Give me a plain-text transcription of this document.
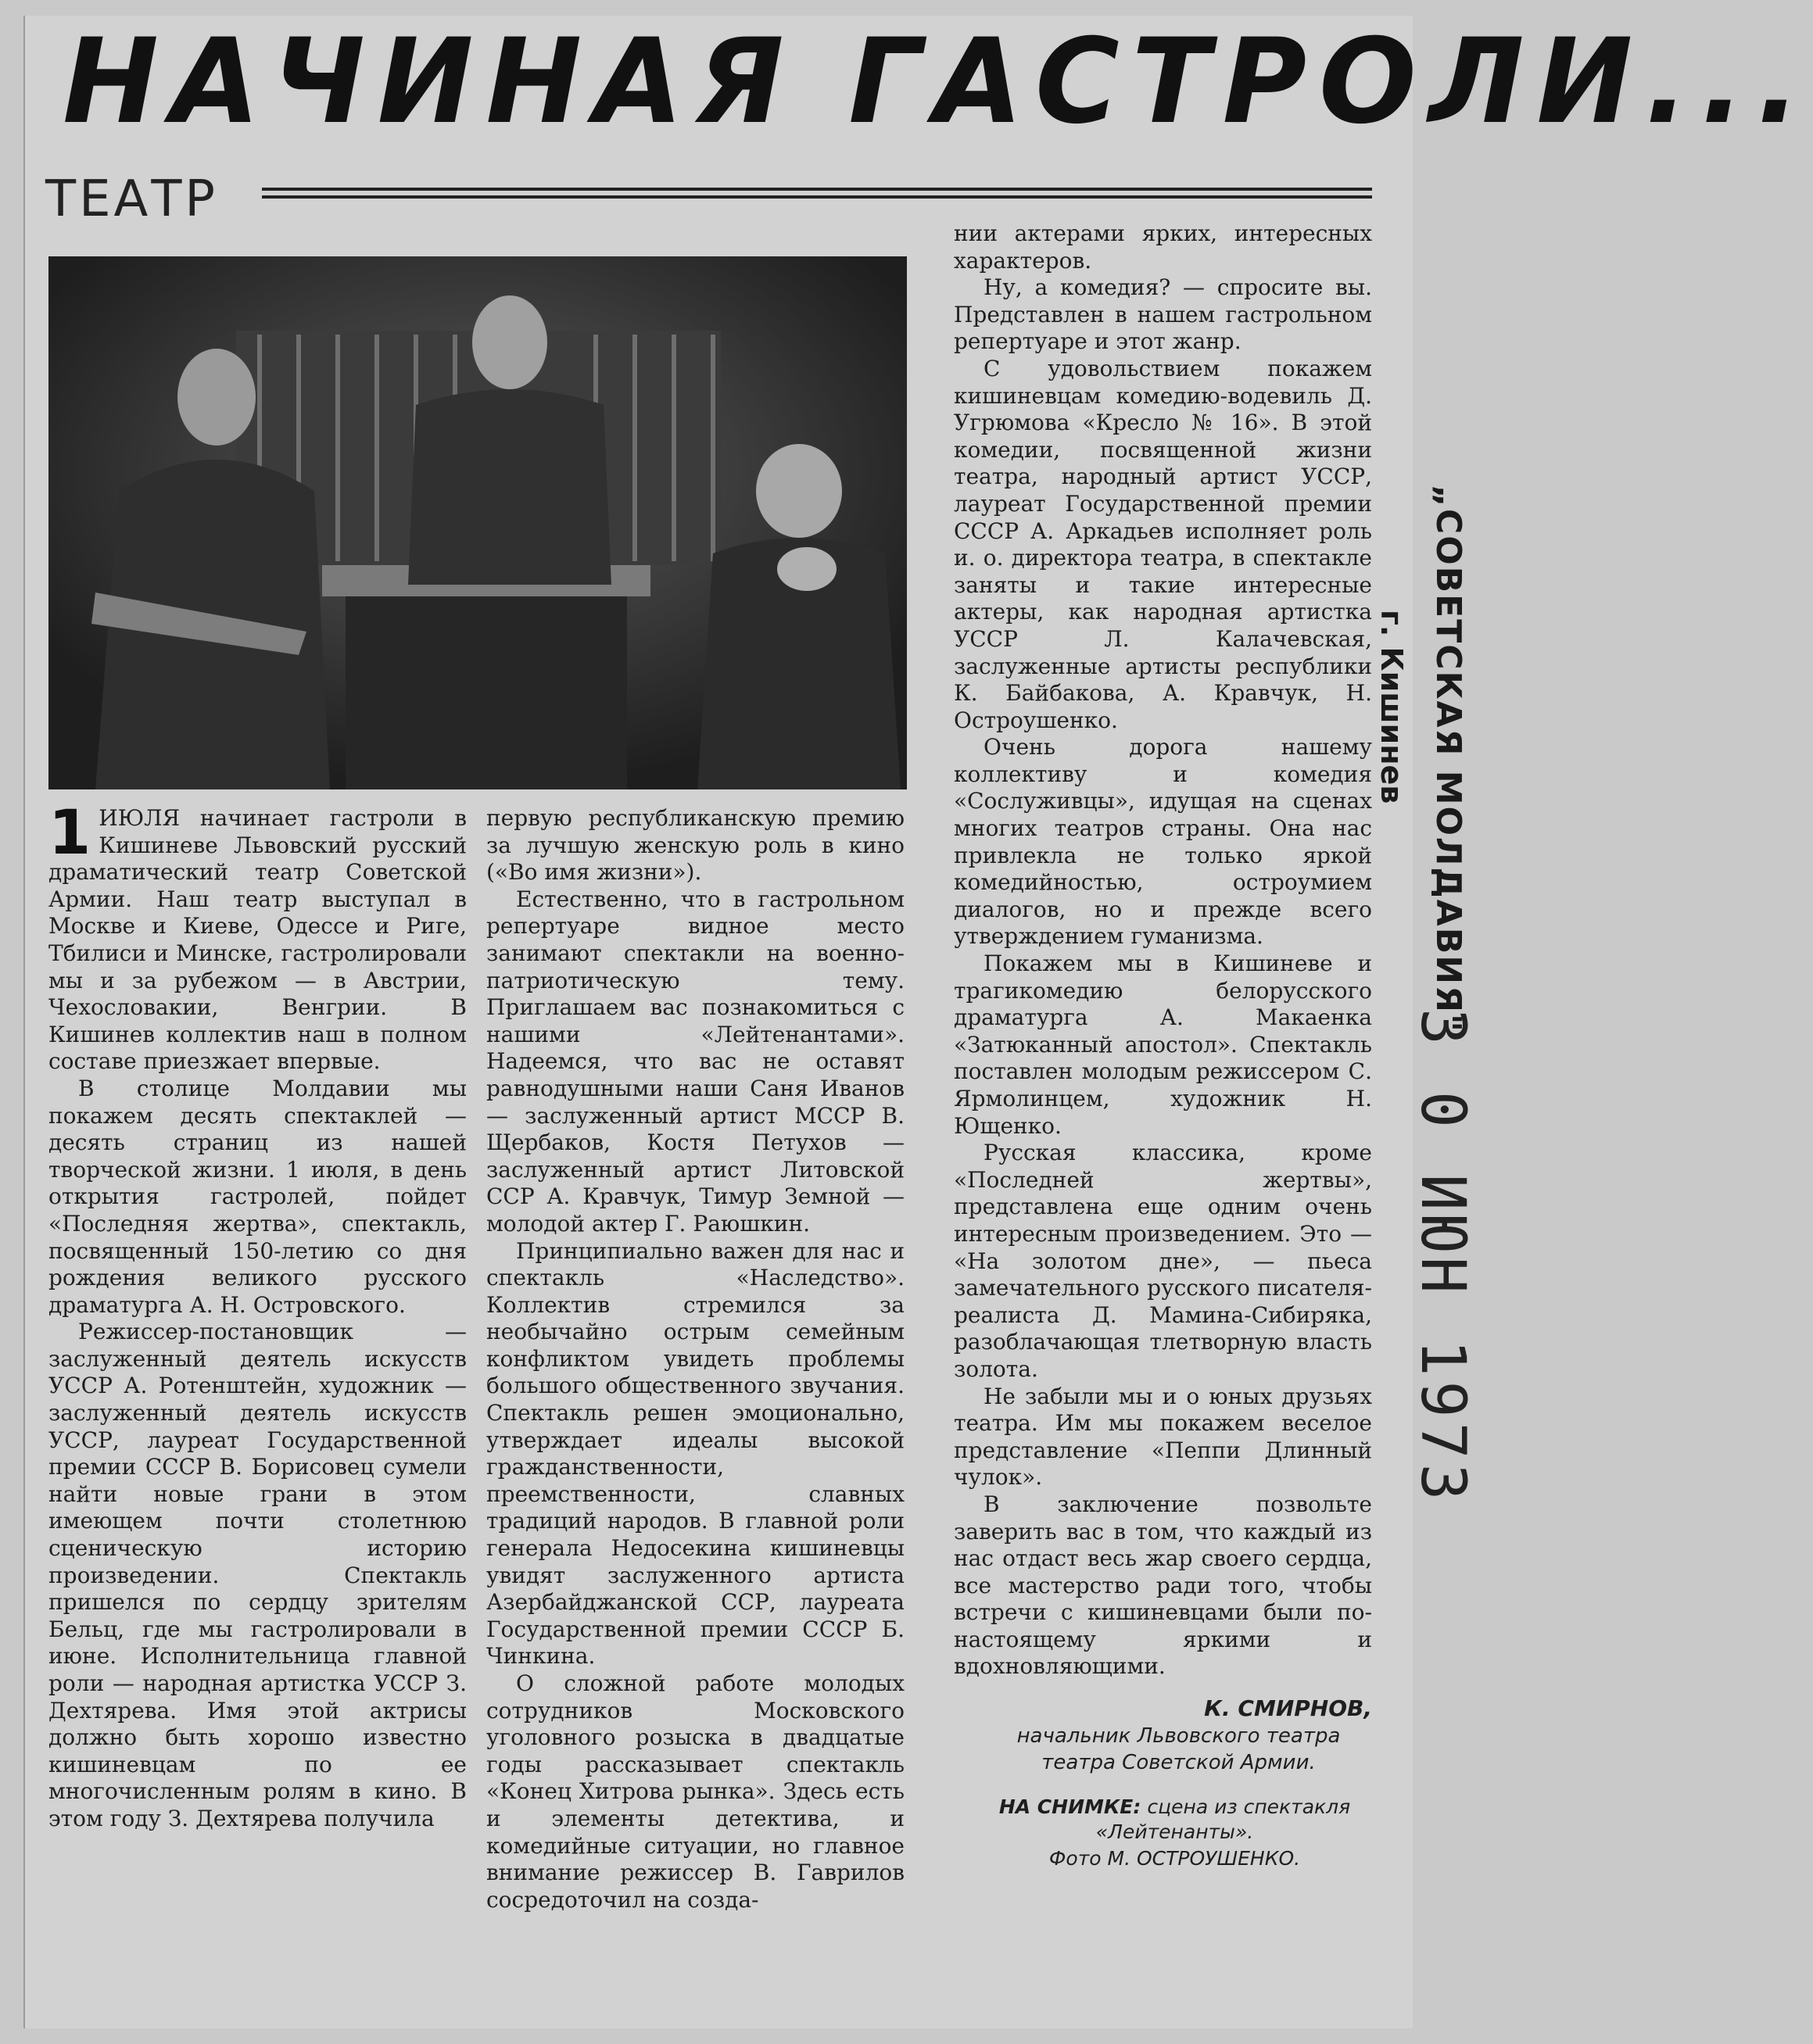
НАЧИНАЯ ГАСТРОЛИ...
ТЕАТР

1 ИЮЛЯ начинает гастроли в Кишиневе Львовский русский драматический театр Советской Армии. Наш театр выступал в Москве и Киеве, Одессе и Риге, Тбилиси и Минске, гастролировали мы и за рубежом — в Австрии, Чехословакии, Венгрии. В Кишинев коллектив наш в полном составе приезжает впервые.

В столице Молдавии мы покажем десять спектаклей — десять страниц из нашей творческой жизни. 1 июля, в день открытия гастролей, пойдет «Последняя жертва», спектакль, посвященный 150-летию со дня рождения великого русского драматурга А. Н. Островского.

Режиссер-постановщик — заслуженный деятель искусств УССР А. Ротенштейн, художник — заслуженный деятель искусств УССР, лауреат Государственной премии СССР В. Борисовец сумели найти новые грани в этом имеющем почти столетнюю сценическую историю произведении. Спектакль пришелся по сердцу зрителям Бельц, где мы гастролировали в июне. Исполнительница главной роли — народная артистка УССР З. Дехтярева. Имя этой актрисы должно быть хорошо известно кишиневцам по ее многочисленным ролям в кино. В этом году З. Дехтярева получила

первую республиканскую премию за лучшую женскую роль в кино («Во имя жизни»).

Естественно, что в гастрольном репертуаре видное место занимают спектакли на военно-патриотическую тему. Приглашаем вас познакомиться с нашими «Лейтенантами». Надеемся, что вас не оставят равнодушными наши Саня Иванов — заслуженный артист МССР В. Щербаков, Костя Петухов — заслуженный артист Литовской ССР А. Кравчук, Тимур Земной — молодой актер Г. Раюшкин.

Принципиально важен для нас и спектакль «Наследство». Коллектив стремился за необычайно острым семейным конфликтом увидеть проблемы большого общественного звучания. Спектакль решен эмоционально, утверждает идеалы высокой гражданственности, преемственности, славных традиций народов. В главной роли генерала Недосекина кишиневцы увидят заслуженного артиста Азербайджанской ССР, лауреата Государственной премии СССР Б. Чинкина.

О сложной работе молодых сотрудников Московского уголовного розыска в двадцатые годы рассказывает спектакль «Конец Хитрова рынка». Здесь есть и элементы детектива, и комедийные ситуации, но главное внимание режиссер В. Гаврилов сосредоточил на созда-

нии актерами ярких, интересных характеров.

Ну, а комедия? — спросите вы. Представлен в нашем гастрольном репертуаре и этот жанр.

С удовольствием покажем кишиневцам комедию-водевиль Д. Угрюмова «Кресло № 16». В этой комедии, посвященной жизни театра, народный артист УССР, лауреат Государственной премии СССР А. Аркадьев исполняет роль и. о. директора театра, в спектакле заняты и такие интересные актеры, как народная артистка УССР Л. Калачевская, заслуженные артисты республики К. Байбакова, А. Кравчук, Н. Остроушенко.

Очень дорога нашему коллективу и комедия «Сослуживцы», идущая на сценах многих театров страны. Она нас привлекла не только яркой комедийностью, остроумием диалогов, но и прежде всего утверждением гуманизма.

Покажем мы в Кишиневе и трагикомедию белорусского драматурга А. Макаенка «Затюканный апостол». Спектакль поставлен молодым режиссером С. Ярмолинцем, художник Н. Ющенко.

Русская классика, кроме «Последней жертвы», представлена еще одним очень интересным произведением. Это — «На золотом дне», — пьеса замечательного русского писателя-реалиста Д. Мамина-Сибиряка, разоблачающая тлетворную власть золота.

Не забыли мы и о юных друзьях театра. Им мы покажем веселое представление «Пеппи Длинный чулок».

В заключение позвольте заверить вас в том, что каждый из нас отдаст весь жар своего сердца, все мастерство ради того, чтобы встречи с кишиневцами были по-настоящему яркими и вдохновляющими.

К. СМИРНОВ,
начальник Львовского театра
театра Советской Армии.
НА СНИМКЕ: сцена из спектакля «Лейтенанты».
Фото М. ОСТРОУШЕНКО.
„СОВЕТСКАЯ МОЛДАВИЯ"
г. Кишинев
3 0 ИЮН 1973
